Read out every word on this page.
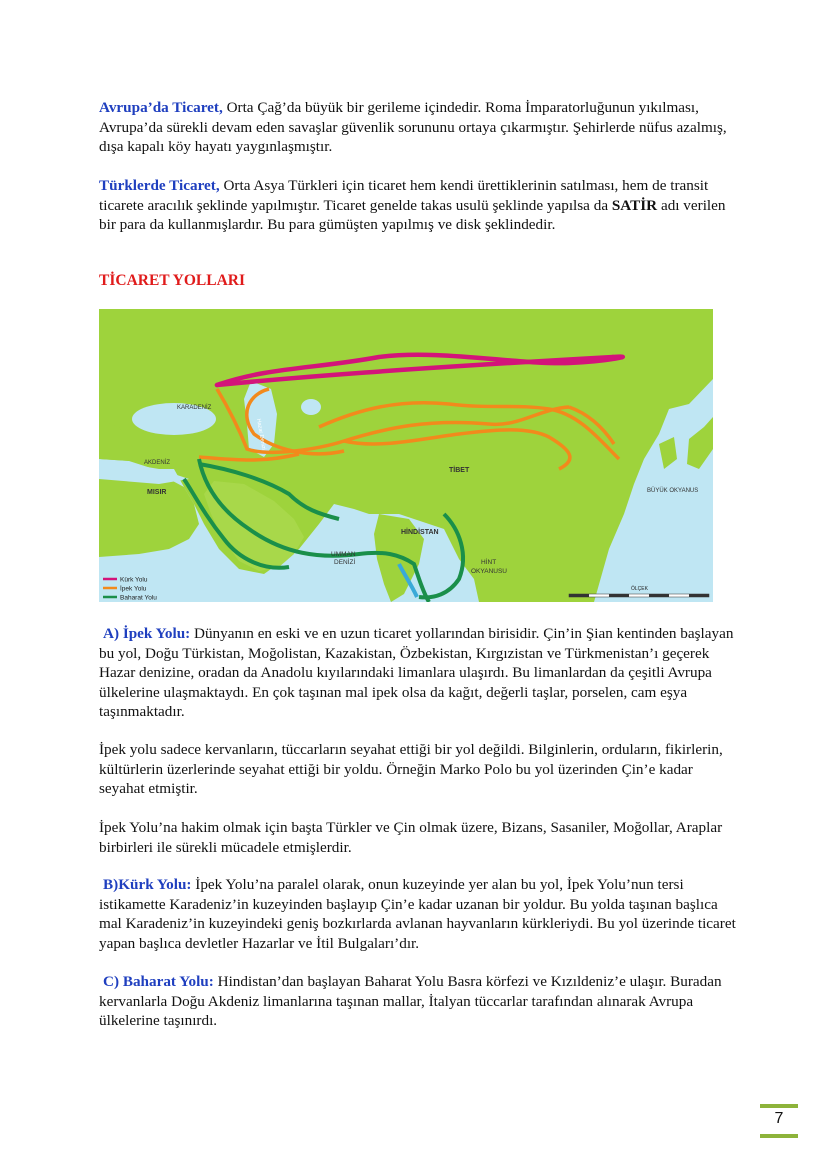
Avrupa’da Ticaret, Orta Çağ’da büyük bir gerileme içindedir. Roma İmparatorluğunun yıkılması, Avrupa’da sürekli devam eden savaşlar güvenlik sorununu ortaya çıkarmıştır. Şehirlerde nüfus azalmış, dışa kapalı köy hayatı yaygınlaşmıştır.
Türklerde Ticaret, Orta Asya Türkleri için ticaret hem kendi ürettiklerinin satılması, hem de transit ticarete aracılık şeklinde yapılmıştır. Ticaret genelde takas usulü şeklinde yapılsa da SATİR adı verilen bir para da kullanmışlardır. Bu para gümüşten yapılmış ve disk şeklindedir.
TİCARET YOLLARI
KARADENİZ
AKDENİZ
MISIR
TİBET
HİNDİSTAN
UMMAN
DENİZİ	HİNT
OKYANUSU
BÜYÜK OKYANUS
Hazar Denizi
Kürk Yolu
İpek Yolu
Baharat Yolu
ÖLÇEK
A) İpek Yolu: Dünyanın en eski ve en uzun ticaret yollarından birisidir. Çin’in Şian kentinden başlayan bu yol, Doğu Türkistan, Moğolistan, Kazakistan, Özbekistan, Kırgızistan ve Türkmenistan’ı geçerek Hazar denizine, oradan da Anadolu kıyılarındaki limanlara ulaşırdı. Bu limanlardan da çeşitli Avrupa ülkelerine ulaşmaktaydı. En çok taşınan mal ipek olsa da kağıt, değerli taşlar, porselen, cam eşya taşınmaktadır.
İpek yolu sadece kervanların, tüccarların seyahat ettiği bir yol değildi. Bilginlerin, orduların, fikirlerin, kültürlerin üzerlerinde seyahat ettiği bir yoldu. Örneğin Marko Polo bu yol üzerinden Çin’e kadar seyahat etmiştir.
İpek Yolu’na hakim olmak için başta Türkler ve Çin olmak üzere, Bizans, Sasaniler, Moğollar, Araplar birbirleri ile sürekli mücadele etmişlerdir.
B)Kürk Yolu: İpek Yolu’na paralel olarak, onun kuzeyinde yer alan bu yol, İpek Yolu’nun tersi istikamette Karadeniz’in kuzeyinden başlayıp Çin’e kadar uzanan bir yoldur. Bu yolda taşınan başlıca mal Karadeniz’in kuzeyindeki geniş bozkırlarda avlanan hayvanların kürkleriydi. Bu yol üzerinde ticaret yapan başlıca devletler Hazarlar ve İtil Bulgaları’dır.
C) Baharat Yolu: Hindistan’dan başlayan Baharat Yolu Basra körfezi ve Kızıldeniz’e ulaşır. Buradan kervanlarla Doğu Akdeniz limanlarına taşınan mallar, İtalyan tüccarlar tarafından alınarak Avrupa ülkelerine taşınırdı.
7
